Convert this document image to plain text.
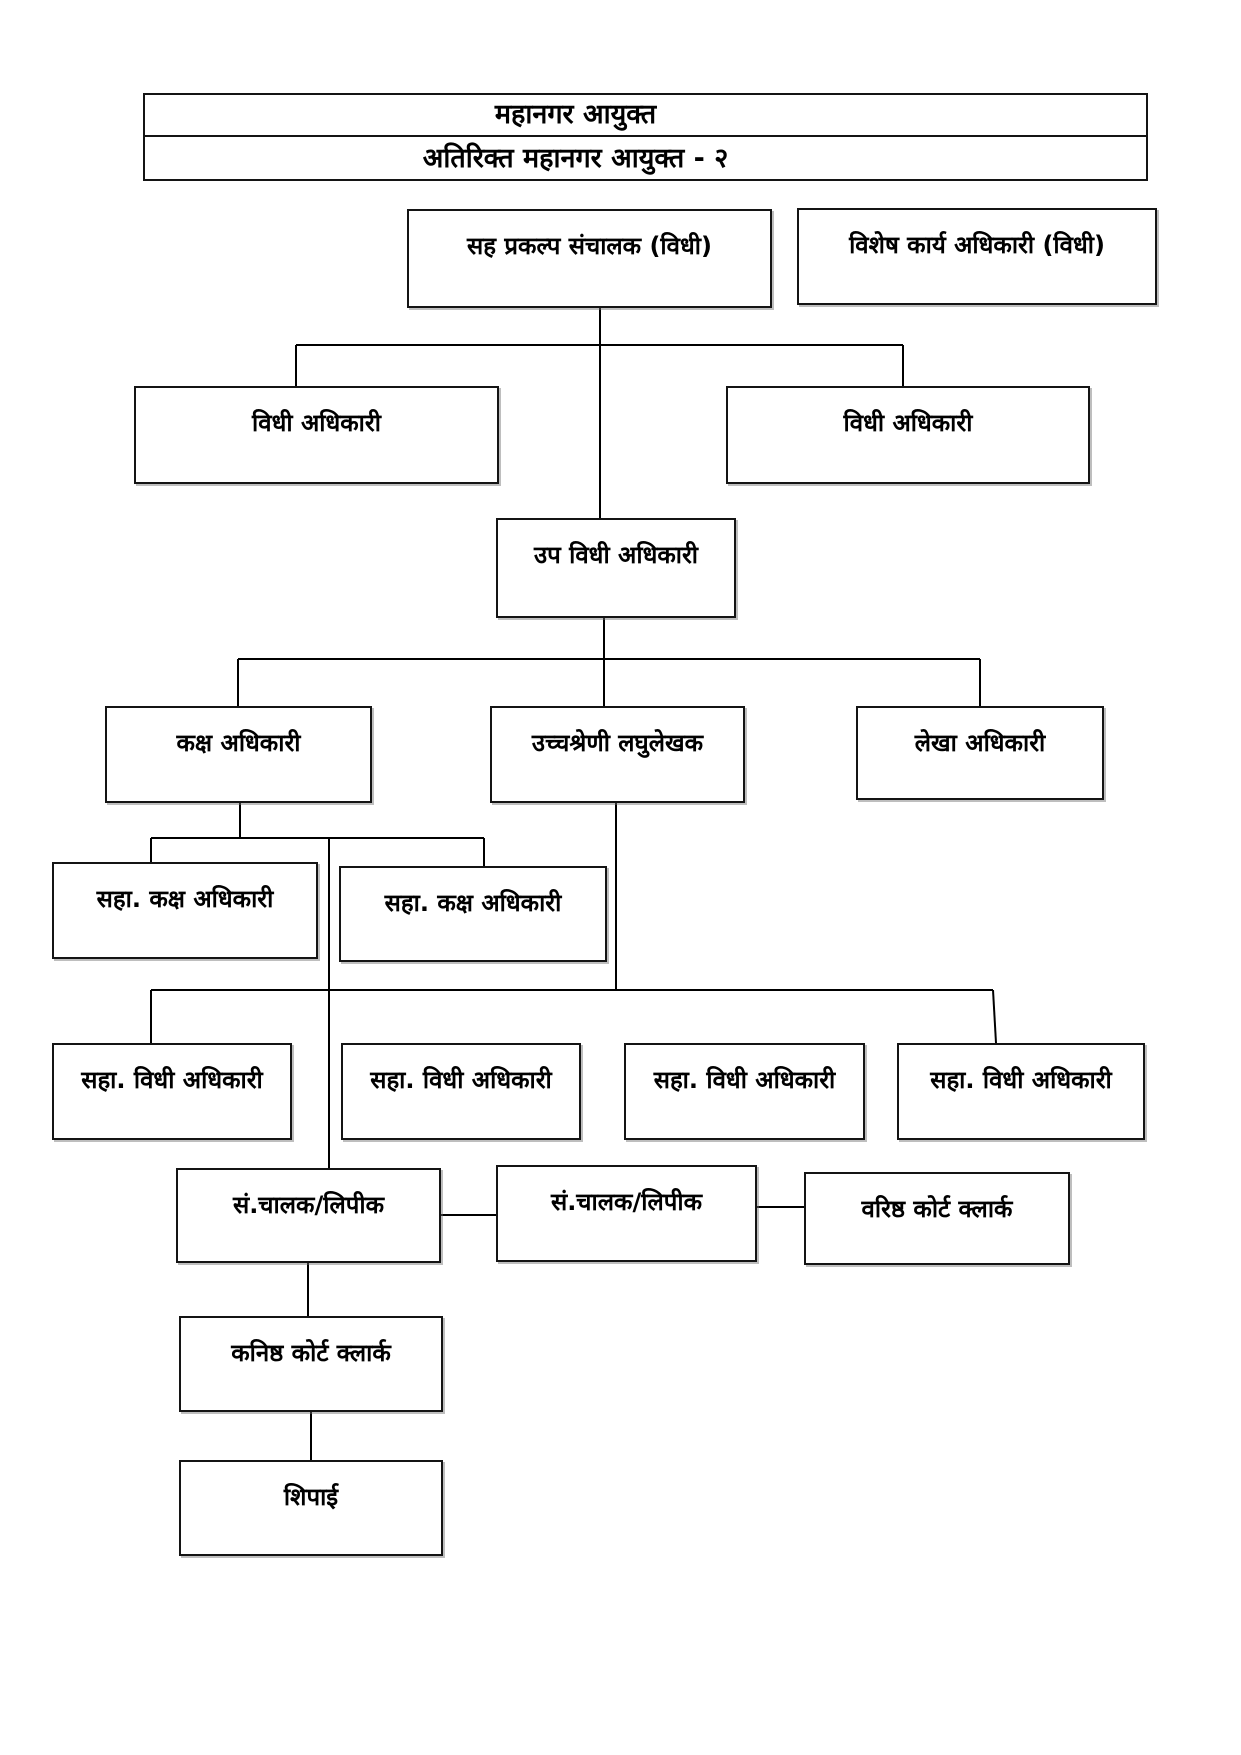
महानगर आयुक्त
अतिरिक्त महानगर आयुक्त - २
सह प्रकल्प संचालक (विधी)	विशेष कार्य अधिकारी (विधी)
विधी अधिकारी	विधी अधिकारी
उप विधी अधिकारी
कक्ष अधिकारी	उच्चश्रेणी लघुलेखक	लेखा अधिकारी
सहा. कक्ष अधिकारी	सहा. कक्ष अधिकारी
सहा. विधी अधिकारी	सहा. विधी अधिकारी	सहा. विधी अधिकारी	सहा. विधी अधिकारी
सं.चालक/लिपीक	सं.चालक/लिपीक	वरिष्ठ कोर्ट क्लार्क
कनिष्ठ कोर्ट क्लार्क
शिपाई
